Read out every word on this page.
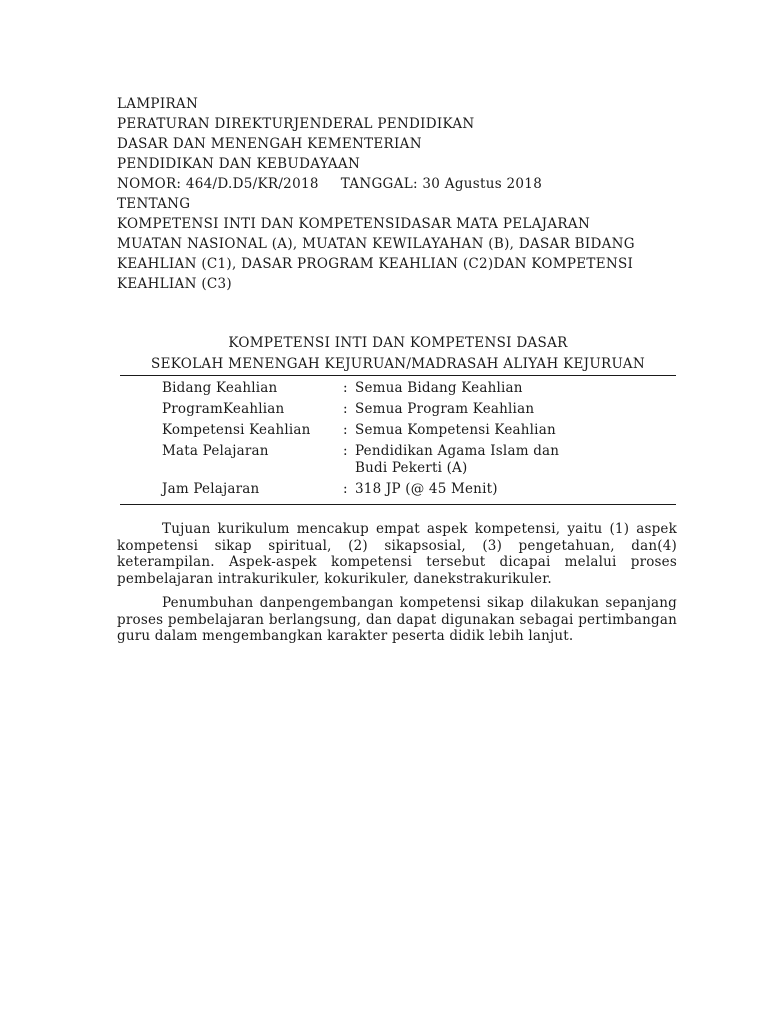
LAMPIRAN
PERATURAN DIREKTURJENDERAL PENDIDIKAN
DASAR DAN MENENGAH KEMENTERIAN
PENDIDIKAN DAN KEBUDAYAAN
NOMOR: 464/D.D5/KR/2018 TANGGAL: 30 Agustus 2018
TENTANG
KOMPETENSI INTI DAN KOMPETENSIDASAR MATA PELAJARAN
MUATAN NASIONAL (A), MUATAN KEWILAYAHAN (B), DASAR BIDANG
KEAHLIAN (C1), DASAR PROGRAM KEAHLIAN (C2)DAN KOMPETENSI
KEAHLIAN (C3)
KOMPETENSI INTI DAN KOMPETENSI DASAR
SEKOLAH MENENGAH KEJURUAN/MADRASAH ALIYAH KEJURUAN
Bidang Keahlian	: Semua Bidang Keahlian
ProgramKeahlian	: Semua Program Keahlian
Kompetensi Keahlian	: Semua Kompetensi Keahlian
Mata Pelajaran	: Pendidikan Agama Islam dan
Budi Pekerti (A)
Jam Pelajaran	: 318 JP (@ 45 Menit)

Tujuan kurikulum mencakup empat aspek kompetensi, yaitu (1) aspek kompetensi sikap spiritual, (2) sikapsosial, (3) pengetahuan, dan(4) keterampilan. Aspek-aspek kompetensi tersebut dicapai melalui proses pembelajaran intrakurikuler, kokurikuler, danekstrakurikuler.

Penumbuhan danpengembangan kompetensi sikap dilakukan sepanjang proses pembelajaran berlangsung, dan dapat digunakan sebagai pertimbangan guru dalam mengembangkan karakter peserta didik lebih lanjut.
